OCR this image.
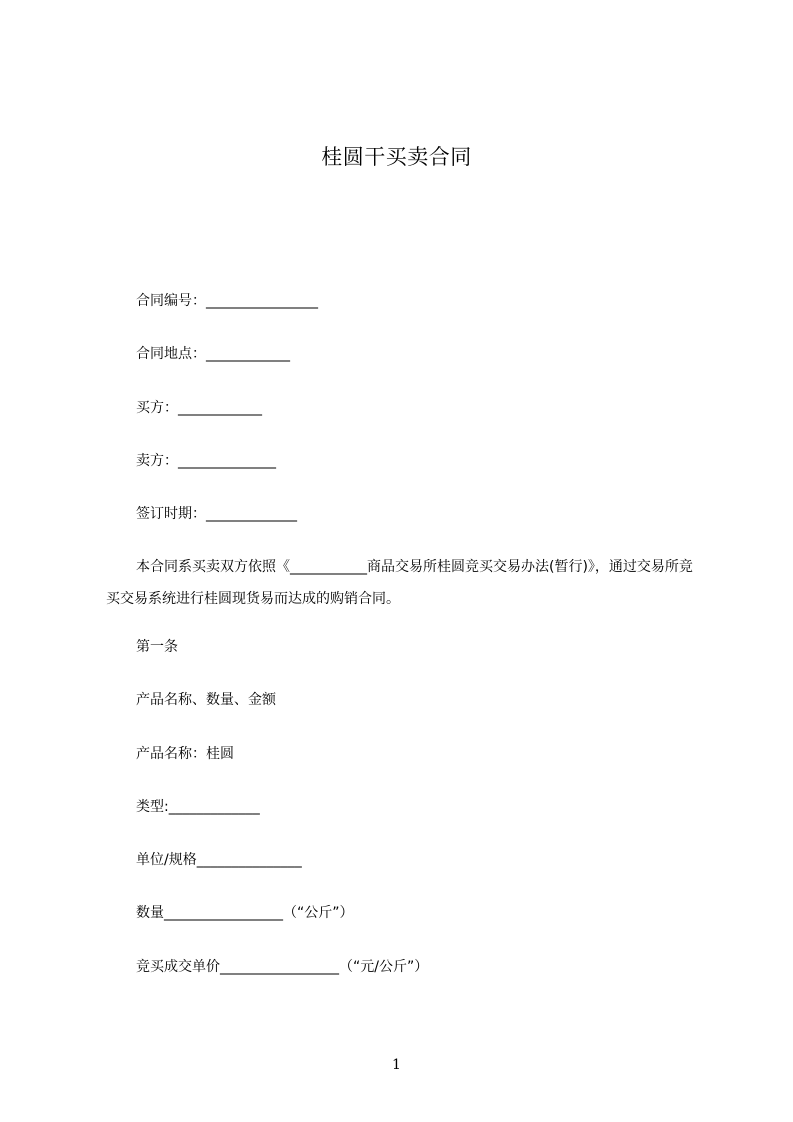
桂圆干买卖合同
合同编号：________________
合同地点：____________
买方：____________
卖方：______________
签订时期：_____________
本合同系买卖双方依照《___________商品交易所桂圆竞买交易办法(暂行)》，通过交易所竞买交易系统进行桂圆现货易而达成的购销合同。
第一条
产品名称、数量、金额
产品名称：桂圆
类型:_____________
单位/规格_______________
数量_________________（“公斤”）
竞买成交单价_________________（“元/公斤”）
1
